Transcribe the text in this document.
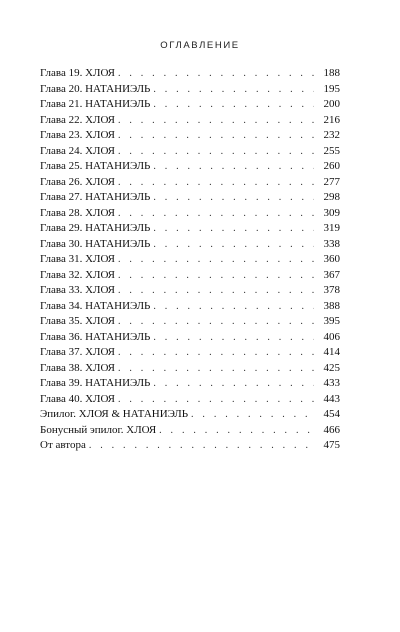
ОГЛАВЛЕНИЕ
Глава 19. ХЛОЯ . . .	188
Глава 20. НАТАНИЭЛЬ . . .	195
Глава 21. НАТАНИЭЛЬ . . .	200
Глава 22. ХЛОЯ . . .	216
Глава 23. ХЛОЯ . . .	232
Глава 24. ХЛОЯ . . .	255
Глава 25. НАТАНИЭЛЬ . . .	260
Глава 26. ХЛОЯ . . .	277
Глава 27. НАТАНИЭЛЬ . . .	298
Глава 28. ХЛОЯ . . .	309
Глава 29. НАТАНИЭЛЬ . . .	319
Глава 30. НАТАНИЭЛЬ . . .	338
Глава 31. ХЛОЯ . . .	360
Глава 32. ХЛОЯ . . .	367
Глава 33. ХЛОЯ . . .	378
Глава 34. НАТАНИЭЛЬ . . .	388
Глава 35. ХЛОЯ . . .	395
Глава 36. НАТАНИЭЛЬ . . .	406
Глава 37. ХЛОЯ . . .	414
Глава 38. ХЛОЯ . . .	425
Глава 39. НАТАНИЭЛЬ . . .	433
Глава 40. ХЛОЯ . . .	443
Эпилог. ХЛОЯ & НАТАНИЭЛЬ . . .	454
Бонусный эпилог. ХЛОЯ . . .	466
От автора . . .	475
